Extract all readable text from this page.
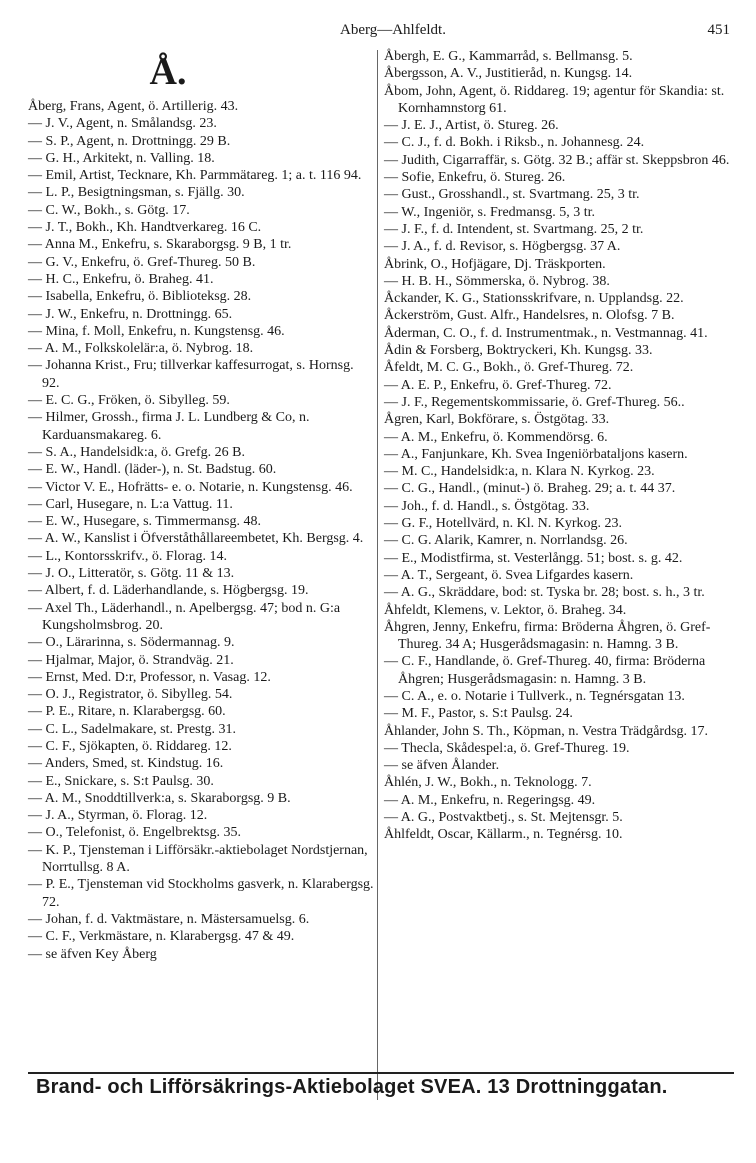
Aberg—Ahlfeldt.	451
Å.

Åberg, Frans, Agent, ö. Artillerig. 43.

— J. V., Agent, n. Smålandsg. 23.

— S. P., Agent, n. Drottningg. 29 B.

— G. H., Arkitekt, n. Valling. 18.

— Emil, Artist, Tecknare, Kh. Parmmätareg. 1; a. t. 116 94.

— L. P., Besigtningsman, s. Fjällg. 30.

— C. W., Bokh., s. Götg. 17.

— J. T., Bokh., Kh. Handtverkareg. 16 C.

— Anna M., Enkefru, s. Skaraborgsg. 9 B, 1 tr.

— G. V., Enkefru, ö. Gref-Thureg. 50 B.

— H. C., Enkefru, ö. Braheg. 41.

— Isabella, Enkefru, ö. Biblioteksg. 28.

— J. W., Enkefru, n. Drottningg. 65.

— Mina, f. Moll, Enkefru, n. Kungstensg. 46.

— A. M., Folkskolelär:a, ö. Nybrog. 18.

— Johanna Krist., Fru; tillverkar kaffesurrogat, s. Hornsg. 92.

— E. C. G., Fröken, ö. Sibylleg. 59.

— Hilmer, Grossh., firma J. L. Lundberg & Co, n. Karduansmakareg. 6.

— S. A., Handelsidk:a, ö. Grefg. 26 B.

— E. W., Handl. (läder-), n. St. Badstug. 60.

— Victor V. E., Hofrätts- e. o. Notarie, n. Kungstensg. 46.

— Carl, Husegare, n. L:a Vattug. 11.

— E. W., Husegare, s. Timmermansg. 48.

— A. W., Kanslist i Öfverståthållareembetet, Kh. Bergsg. 4.

— L., Kontorsskrifv., ö. Florag. 14.

— J. O., Litteratör, s. Götg. 11 & 13.

— Albert, f. d. Läderhandlande, s. Högbergsg. 19.

— Axel Th., Läderhandl., n. Apelbergsg. 47; bod n. G:a Kungsholmsbrog. 20.

— O., Lärarinna, s. Södermannag. 9.

— Hjalmar, Major, ö. Strandväg. 21.

— Ernst, Med. D:r, Professor, n. Vasag. 12.

— O. J., Registrator, ö. Sibylleg. 54.

— P. E., Ritare, n. Klarabergsg. 60.

— C. L., Sadelmakare, st. Prestg. 31.

— C. F., Sjökapten, ö. Riddareg. 12.

— Anders, Smed, st. Kindstug. 16.

— E., Snickare, s. S:t Paulsg. 30.

— A. M., Snoddtillverk:a, s. Skaraborgsg. 9 B.

— J. A., Styrman, ö. Florag. 12.

— O., Telefonist, ö. Engelbrektsg. 35.

— K. P., Tjensteman i Lifförsäkr.-aktiebolaget Nordstjernan, Norrtullsg. 8 A.

— P. E., Tjensteman vid Stockholms gasverk, n. Klarabergsg. 72.

— Johan, f. d. Vaktmästare, n. Mästersamuelsg. 6.

— C. F., Verkmästare, n. Klarabergsg. 47 & 49.

— se äfven Key Åberg

Åbergh, E. G., Kammarråd, s. Bellmansg. 5.

Åbergsson, A. V., Justitieråd, n. Kungsg. 14.

Åbom, John, Agent, ö. Riddareg. 19; agentur för Skandia: st. Kornhamnstorg 61.

— J. E. J., Artist, ö. Stureg. 26.

— C. J., f. d. Bokh. i Riksb., n. Johannesg. 24.

— Judith, Cigarraffär, s. Götg. 32 B.; affär st. Skeppsbron 46.

— Sofie, Enkefru, ö. Stureg. 26.

— Gust., Grosshandl., st. Svartmang. 25, 3 tr.

— W., Ingeniör, s. Fredmansg. 5, 3 tr.

— J. F., f. d. Intendent, st. Svartmang. 25, 2 tr.

— J. A., f. d. Revisor, s. Högbergsg. 37 A.

Åbrink, O., Hofjägare, Dj. Träskporten.

— H. B. H., Sömmerska, ö. Nybrog. 38.

Åckander, K. G., Stationsskrifvare, n. Upplandsg. 22.

Åckerström, Gust. Alfr., Handelsres, n. Olofsg. 7 B.

Åderman, C. O., f. d. Instrumentmak., n. Vestmannag. 41.

Ådin & Forsberg, Boktryckeri, Kh. Kungsg. 33.

Åfeldt, M. C. G., Bokh., ö. Gref-Thureg. 72.

— A. E. P., Enkefru, ö. Gref-Thureg. 72.

— J. F., Regementskommissarie, ö. Gref-Thureg. 56..

Ågren, Karl, Bokförare, s. Östgötag. 33.

— A. M., Enkefru, ö. Kommendörsg. 6.

— A., Fanjunkare, Kh. Svea Ingeniörbataljons kasern.

— M. C., Handelsidk:a, n. Klara N. Kyrkog. 23.

— C. G., Handl., (minut-) ö. Braheg. 29; a. t. 44 37.

— Joh., f. d. Handl., s. Östgötag. 33.

— G. F., Hotellvärd, n. Kl. N. Kyrkog. 23.

— C. G. Alarik, Kamrer, n. Norrlandsg. 26.

— E., Modistfirma, st. Vesterlångg. 51; bost. s. g. 42.

— A. T., Sergeant, ö. Svea Lifgardes kasern.

— A. G., Skräddare, bod: st. Tyska br. 28; bost. s. h., 3 tr.

Åhfeldt, Klemens, v. Lektor, ö. Braheg. 34.

Åhgren, Jenny, Enkefru, firma: Bröderna Åhgren, ö. Gref-Thureg. 34 A; Husgerådsmagasin: n. Hamng. 3 B.

— C. F., Handlande, ö. Gref-Thureg. 40, firma: Bröderna Åhgren; Husgerådsmagasin: n. Hamng. 3 B.

— C. A., e. o. Notarie i Tullverk., n. Tegnérsgatan 13.

— M. F., Pastor, s. S:t Paulsg. 24.

Åhlander, John S. Th., Köpman, n. Vestra Trädgårdsg. 17.

— Thecla, Skådespel:a, ö. Gref-Thureg. 19.

— se äfven Ålander.

Åhlén, J. W., Bokh., n. Teknologg. 7.

— A. M., Enkefru, n. Regeringsg. 49.

— A. G., Postvaktbetj., s. St. Mejtensgr. 5.

Åhlfeldt, Oscar, Källarm., n. Tegnérsg. 10.

Brand- och Lifförsäkrings-Aktiebolaget SVEA. 13 Drottninggatan.
